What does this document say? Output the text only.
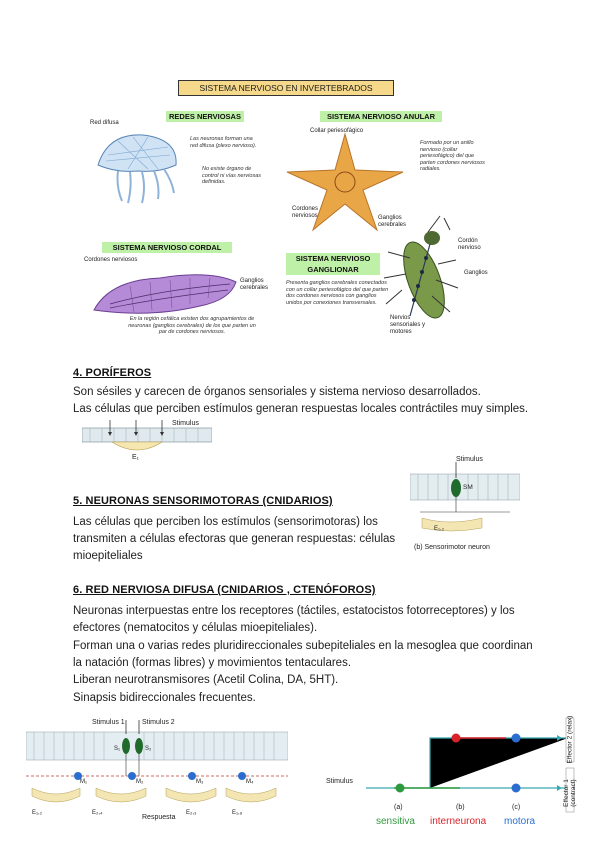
SISTEMA NERVIOSO EN INVERTEBRADOS
REDES NERVIOSAS
Red difusa
Las neuronas forman una red difusa (plexo nervioso).
No existe órgano de control ni vías nerviosas definidas.
SISTEMA NERVIOSO ANULAR
Collar periesofágico
Cordones nerviosos
Formado por un anillo nervioso (collar periesofágico) del que parten cordones nerviosos radiales.
SISTEMA NERVIOSO CORDAL
Cordones nerviosos
Ganglios cerebrales
En la región cefálica existen dos agrupamientos de neuronas (ganglios cerebrales) de los que parten un par de cordones nerviosos.
SISTEMA NERVIOSO GANGLIONAR
Ganglios cerebrales
Cordón nervioso
Ganglios
Nervios sensoriales y motores
Presenta ganglios cerebrales conectados con un collar periesofágico del que parten dos cordones nerviosos con ganglios unidos por conexiones transversales.
4. PORÍFEROS
Son sésiles y carecen de órganos sensoriales y sistema nervioso desarrollados.
Las células que perciben estímulos generan respuestas locales contráctiles muy simples.
Stimulus
E₁
5. NEURONAS SENSORIMOTORAS (CNIDARIOS)
Las células que perciben los estímulos (sensorimotoras) los
transmiten a células efectoras que generan respuestas: células
mioepiteliales
Stimulus
SM
E₁,₂
(b) Sensorimotor neuron
6. RED NERVIOSA DIFUSA (CNIDARIOS , CTENÓFOROS)
Neuronas interpuestas entre los receptores (táctiles, estatocistos fotorreceptores) y los
efectores (nematocitos y células mioepiteliales).
Forman una o varias redes pluridireccionales subepiteliales en la mesoglea que coordinan
la natación (formas libres) y movimientos tentaculares.
Liberan neurotransmisores (Acetil Colina, DA, 5HT).
Sinapsis bidireccionales frecuentes.
Stimulus 1 Stimulus 2
S₁	S₂
M₁	M₂	M₃	M₄
E₁,₂	E₂,₄	E₂,₃	E₁,₈
Respuesta
Stimulus
(a)	(b)	(c)
sensitiva interneurona motora
Effector 2 (relax)
Effector 1 (contract)
